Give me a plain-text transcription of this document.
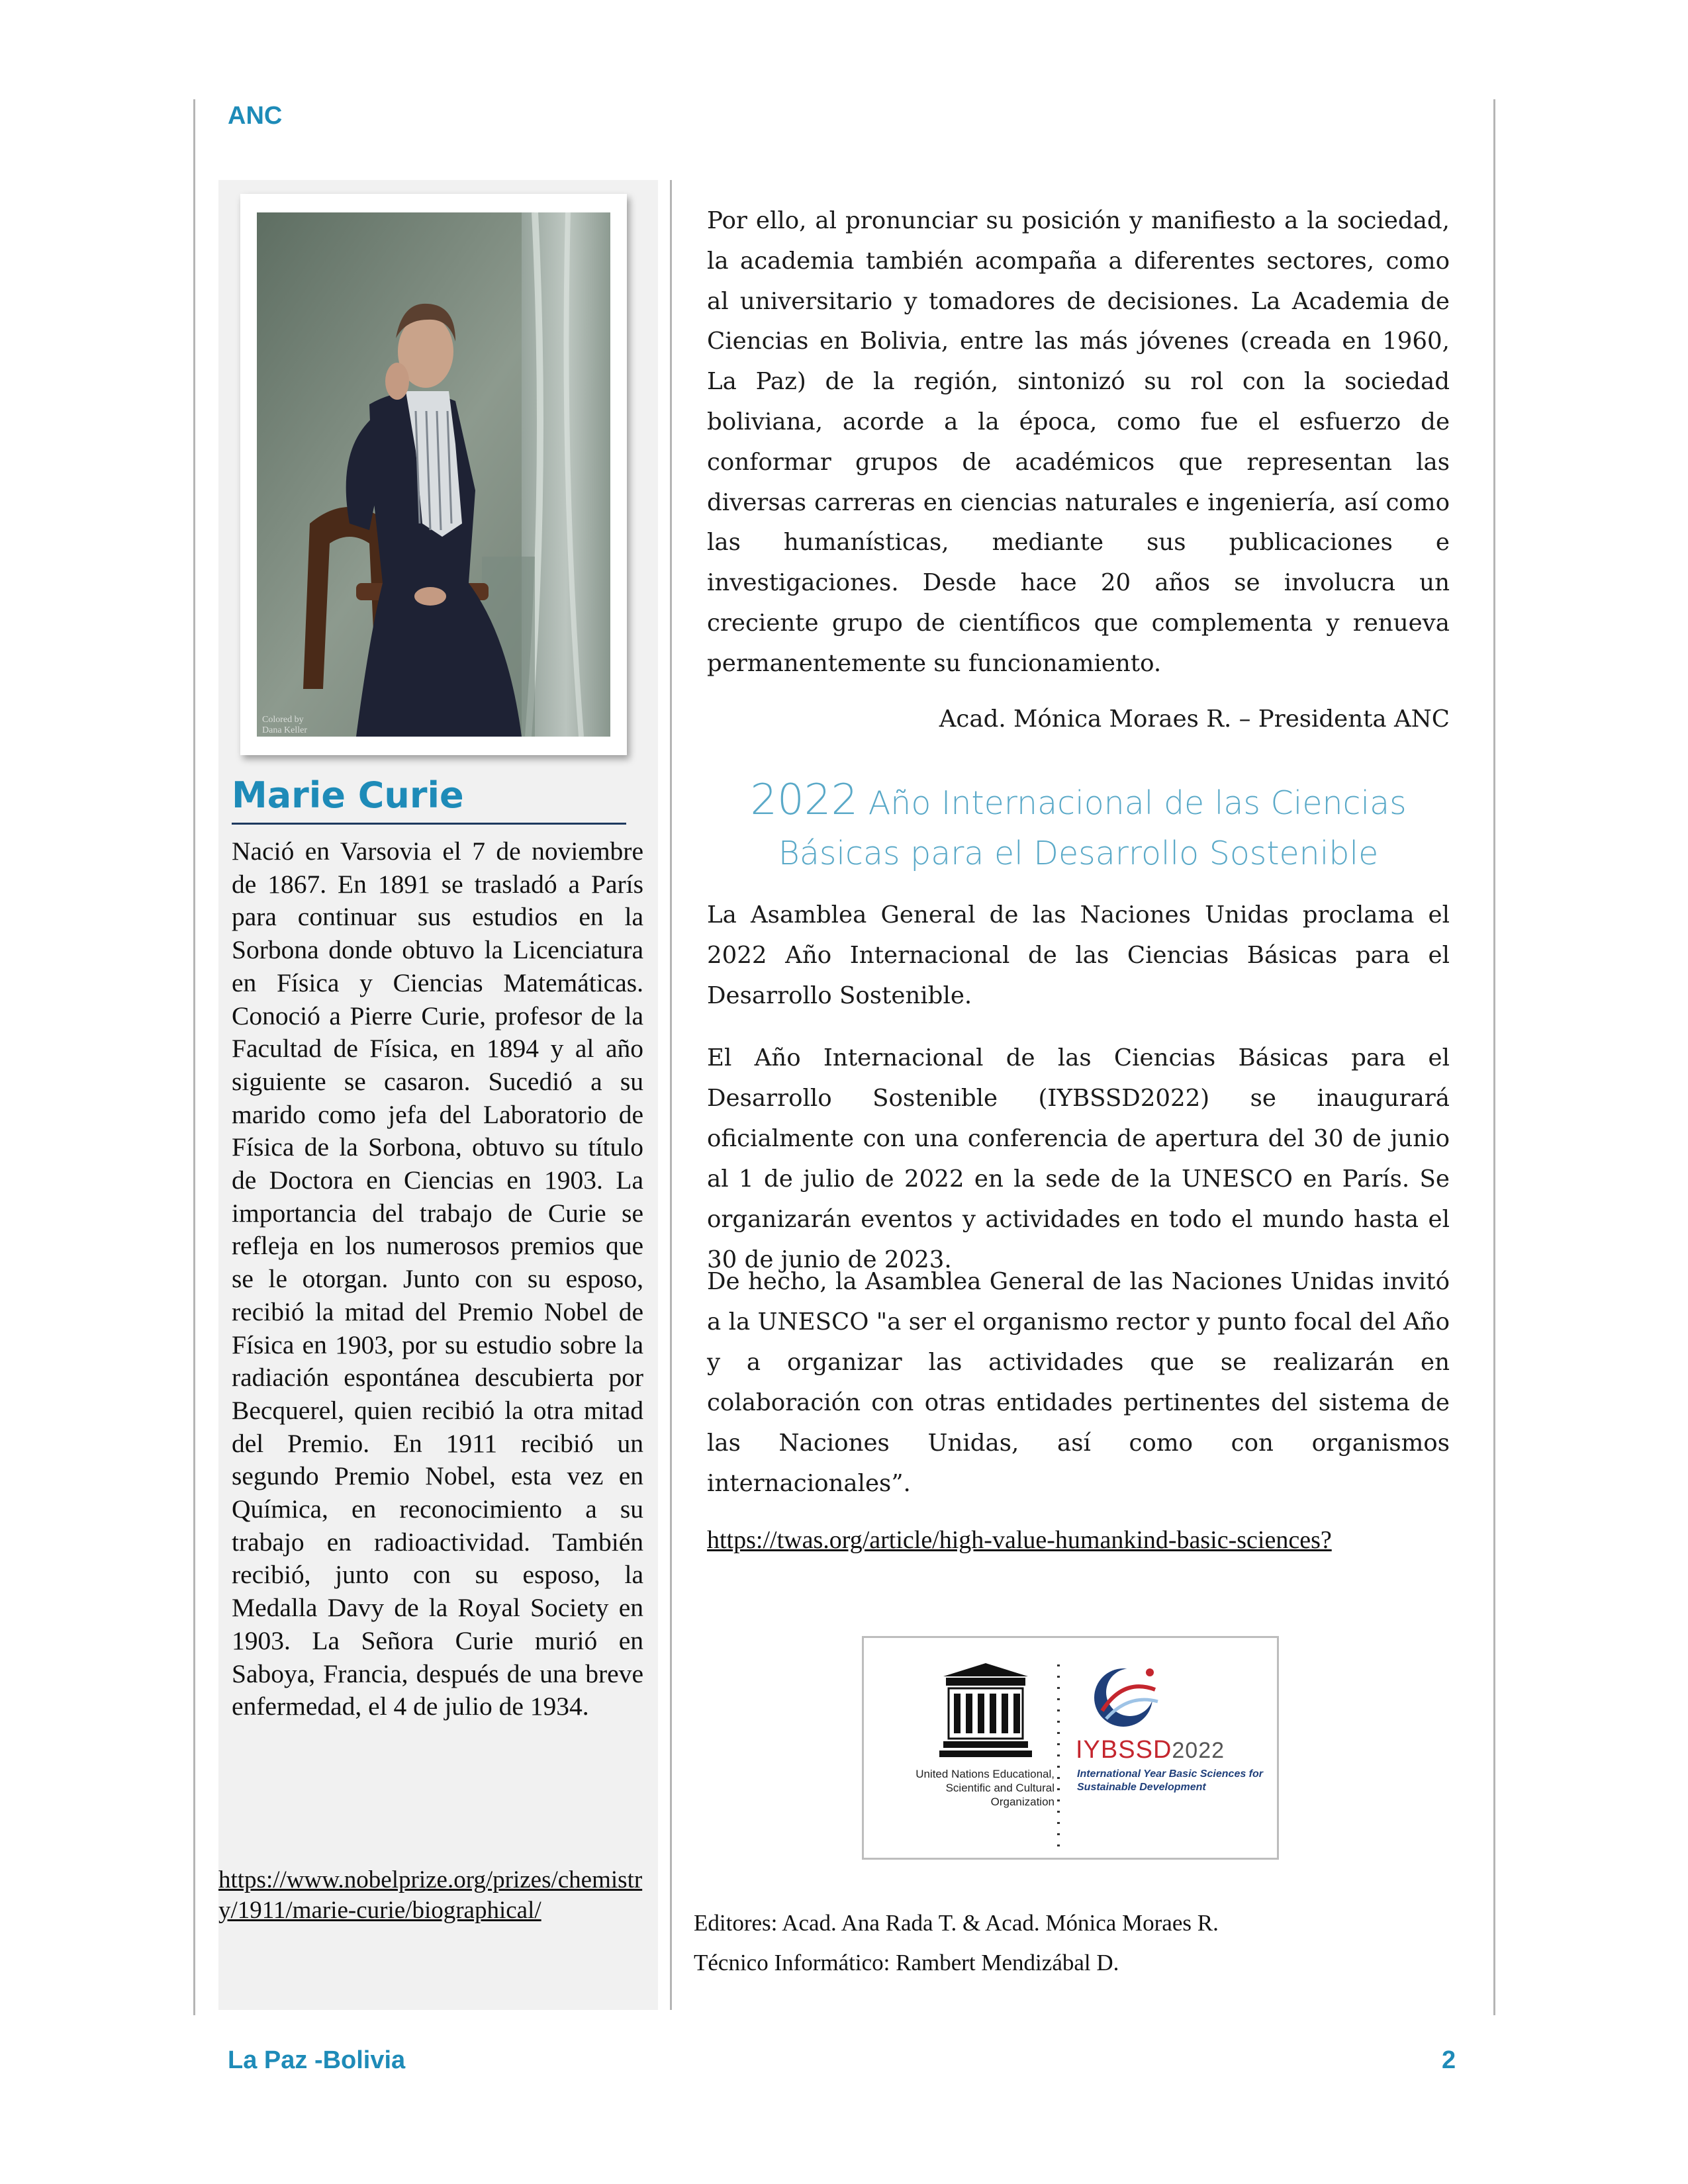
ANC
Colored by
Dana Keller
Marie Curie
Nació en Varsovia el 7 de noviembre de 1867. En 1891 se trasladó a París para continuar sus estudios en la Sorbona donde obtuvo la Licenciatura en Física y Ciencias Matemáticas. Conoció a Pierre Curie, profesor de la Facultad de Física, en 1894 y al año siguiente se casaron. Sucedió a su marido como jefa del Laboratorio de Física de la Sorbona, obtuvo su título de Doctora en Ciencias en 1903. La importancia del trabajo de Curie se refleja en los numerosos premios que se le otorgan. Junto con su esposo, recibió la mitad del Premio Nobel de Física en 1903, por su estudio sobre la radiación espontánea descubierta por Becquerel, quien recibió la otra mitad del Premio. En 1911 recibió un segundo Premio Nobel, esta vez en Química, en reconocimiento a su trabajo en radioactividad. También recibió, junto con su esposo, la Medalla Davy de la Royal Society en 1903. La Señora Curie murió en Saboya, Francia, después de una breve enfermedad, el 4 de julio de 1934.
https://www.nobelprize.org/prizes/chemistry/1911/marie-curie/biographical/
Por ello, al pronunciar su posición y manifiesto a la sociedad, la academia también acompaña a diferentes sectores, como al universitario y tomadores de decisiones. La Academia de Ciencias en Bolivia, entre las más jóvenes (creada en 1960, La Paz) de la región, sintonizó su rol con la sociedad boliviana, acorde a la época, como fue el esfuerzo de conformar grupos de académicos que representan las diversas carreras en ciencias naturales e ingeniería, así como las humanísticas, mediante sus publicaciones e investigaciones. Desde hace 20 años se involucra un creciente grupo de científicos que complementa y renueva permanentemente su funcionamiento.
Acad. Mónica Moraes R. – Presidenta ANC
2022 Año Internacional de las Ciencias
Básicas para el Desarrollo Sostenible
La Asamblea General de las Naciones Unidas proclama el 2022 Año Internacional de las Ciencias Básicas para el Desarrollo Sostenible.
El Año Internacional de las Ciencias Básicas para el Desarrollo Sostenible (IYBSSD2022) se inaugurará oficialmente con una conferencia de apertura del 30 de junio al 1 de julio de 2022 en la sede de la UNESCO en París. Se organizarán eventos y actividades en todo el mundo hasta el 30 de junio de 2023.
De hecho, la Asamblea General de las Naciones Unidas invitó a la UNESCO "a ser el organismo rector y punto focal del Año y a organizar las actividades que se realizarán en colaboración con otras entidades pertinentes del sistema de las Naciones Unidas, así como con organismos internacionales”.
https://twas.org/article/high-value-humankind-basic-sciences?
United Nations Educational, Scientific and Cultural Organization
IYBSSD2022
International Year Basic Sciences for Sustainable Development
Editores: Acad. Ana Rada T. & Acad. Mónica Moraes R.
Técnico Informático: Rambert Mendizábal D.
La Paz -Bolivia	2
